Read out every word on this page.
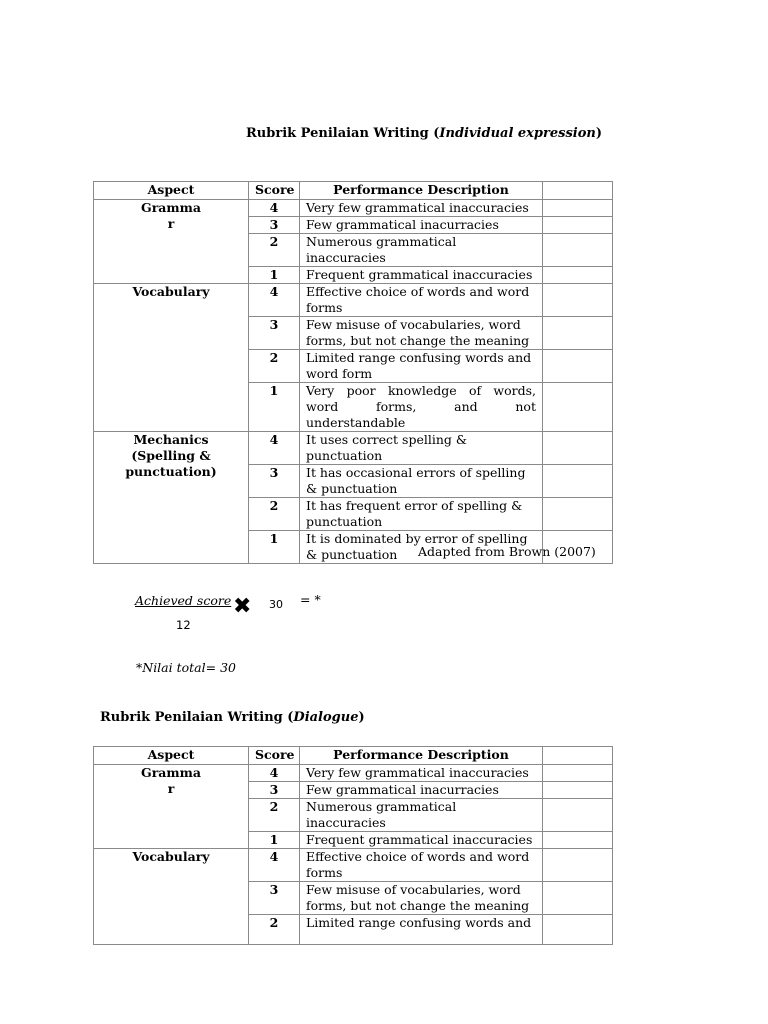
Rubrik Penilaian Writing (Individual expression)
Aspect	Score	Performance Description	
Gramma
r	4	Very few grammatical inaccuracies	
	3	Few grammatical inacurracies	
	2	Numerous grammatical inaccuracies	
	1	Frequent grammatical inaccuracies	
Vocabulary	4	Effective choice of words and word forms	
	3	Few misuse of vocabularies, word forms, but not change the meaning	
	2	Limited range confusing words and word form	
	1	Very poor knowledge of words, word forms, and not understandable	
Mechanics
(Spelling &
punctuation)	4	It uses correct spelling & punctuation	
	3	It has occasional errors of spelling & punctuation	
	2	It has frequent error of spelling & punctuation	
	1	It is dominated by error of spelling & punctuation	Adapted from Brown (2007)
Achieved score
12
✖ 30 = *
*Nilai total= 30
Rubrik Penilaian Writing (Dialogue)
Aspect	Score	Performance Description	
Gramma
r	4	Very few grammatical inaccuracies	
	3	Few grammatical inacurracies	
	2	Numerous grammatical inaccuracies	
	1	Frequent grammatical inaccuracies	
Vocabulary	4	Effective choice of words and word forms	
	3	Few misuse of vocabularies, word forms, but not change the meaning	
	2	Limited range confusing words and	
